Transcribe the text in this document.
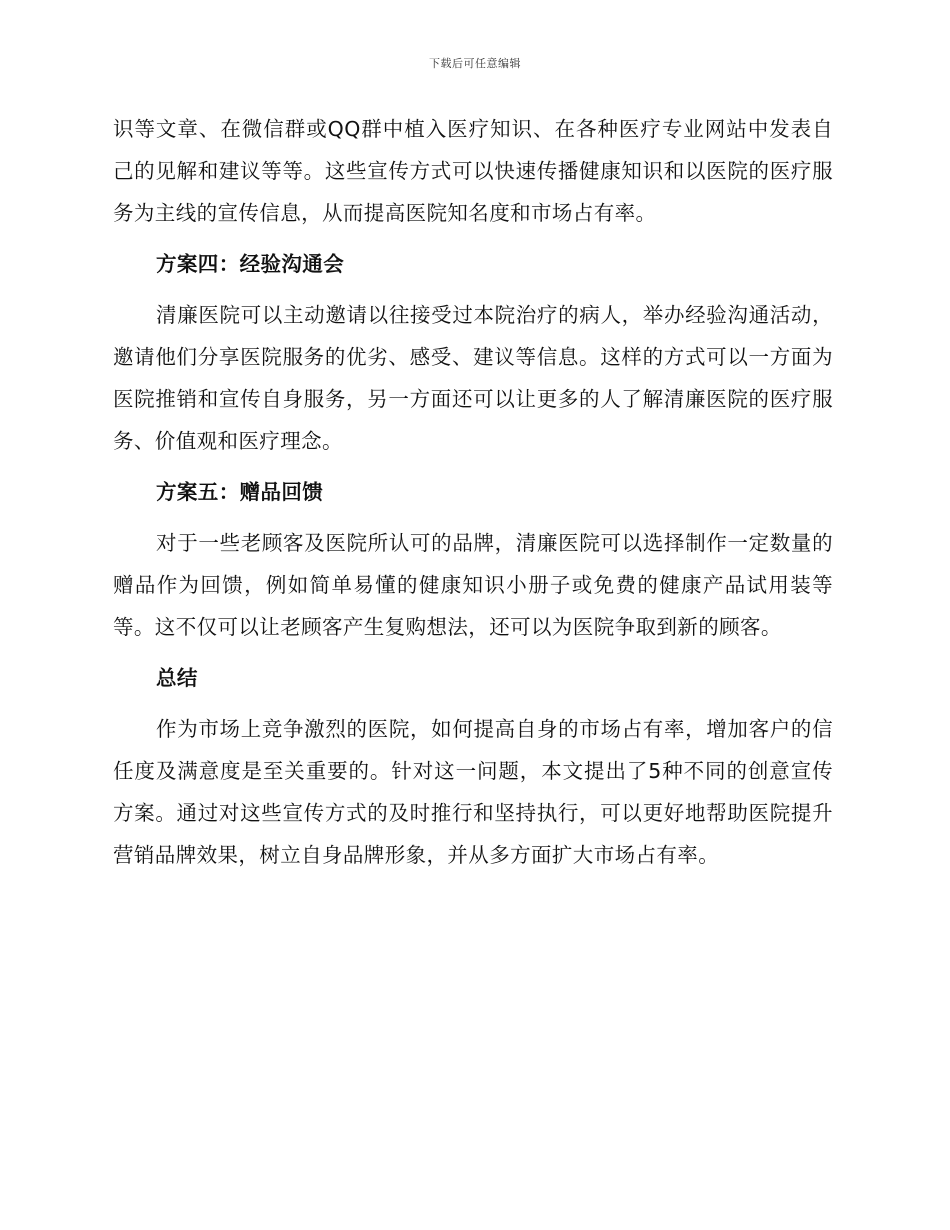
下载后可任意编辑

识等文章、在微信群或QQ群中植入医疗知识、在各种医疗专业网站中发表自己的见解和建议等等。这些宣传方式可以快速传播健康知识和以医院的医疗服务为主线的宣传信息，从而提高医院知名度和市场占有率。

方案四：经验沟通会

清廉医院可以主动邀请以往接受过本院治疗的病人，举办经验沟通活动，邀请他们分享医院服务的优劣、感受、建议等信息。这样的方式可以一方面为医院推销和宣传自身服务，另一方面还可以让更多的人了解清廉医院的医疗服务、价值观和医疗理念。

方案五：赠品回馈

对于一些老顾客及医院所认可的品牌，清廉医院可以选择制作一定数量的赠品作为回馈，例如简单易懂的健康知识小册子或免费的健康产品试用装等等。这不仅可以让老顾客产生复购想法，还可以为医院争取到新的顾客。

总结

作为市场上竞争激烈的医院，如何提高自身的市场占有率，增加客户的信任度及满意度是至关重要的。针对这一问题，本文提出了5种不同的创意宣传方案。通过对这些宣传方式的及时推行和坚持执行，可以更好地帮助医院提升营销品牌效果，树立自身品牌形象，并从多方面扩大市场占有率。
